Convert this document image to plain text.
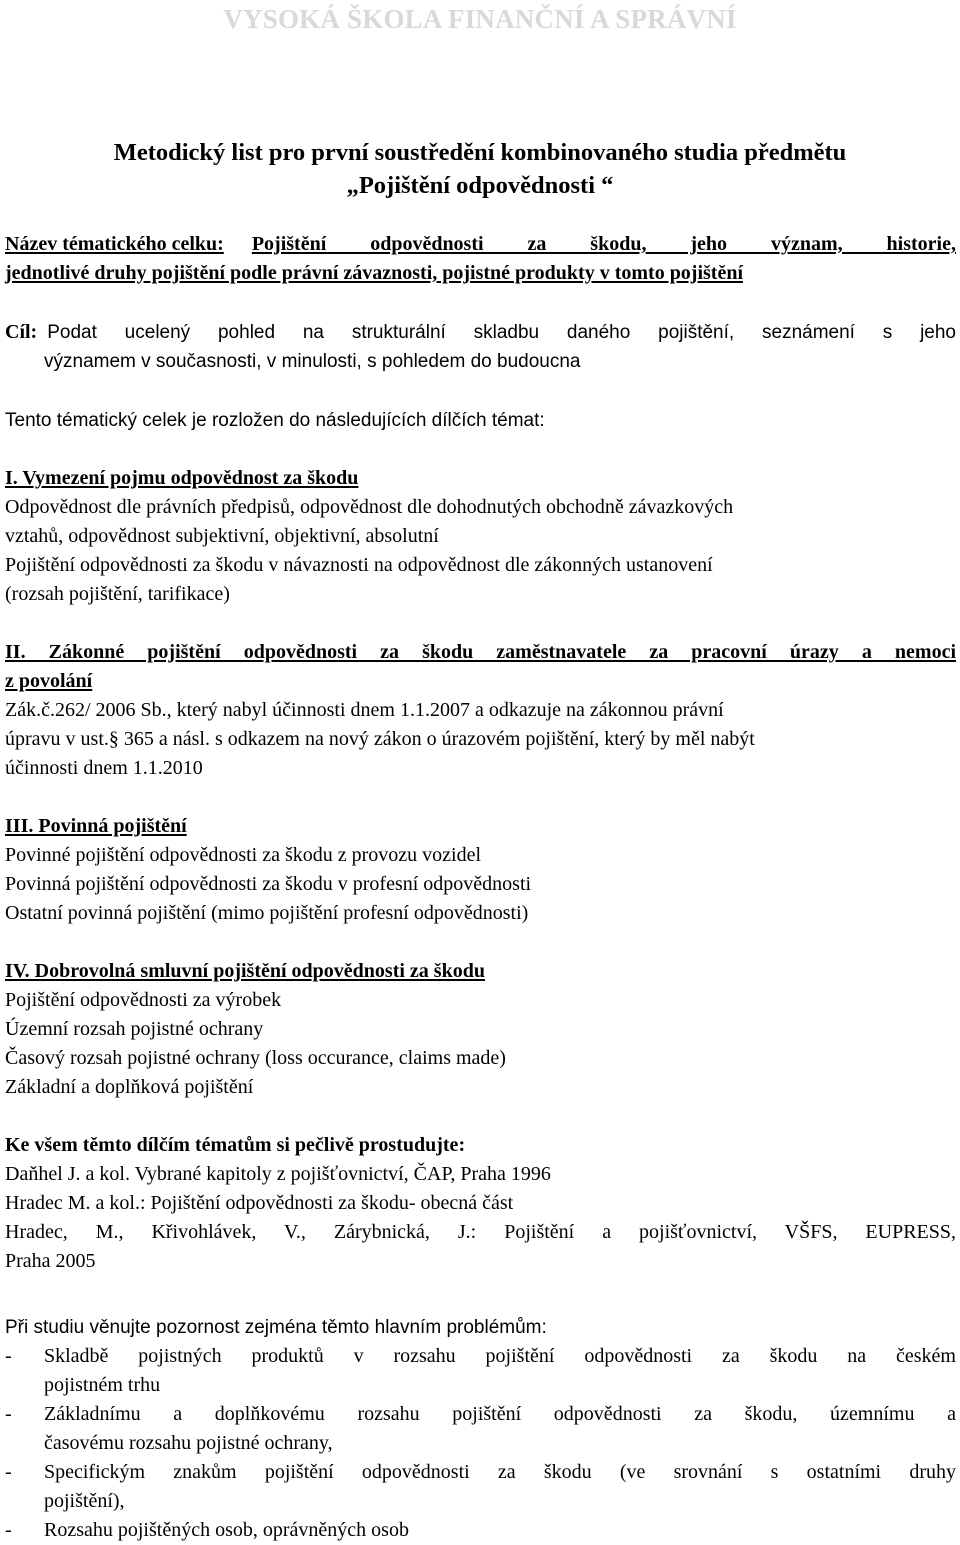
VYSOKÁ ŠKOLA FINANČNÍ A SPRÁVNÍ
Metodický list pro první soustředění kombinovaného studia předmětu
„Pojištění odpovědnosti “
Název tématického celku: Pojištění odpovědnosti za škodu, jeho význam, historie,
jednotlivé druhy pojištění podle právní závaznosti, pojistné produkty v tomto pojištění
Cíl: Podat ucelený pohled na strukturální skladbu daného pojištění, seznámení s jeho
významem v současnosti, v minulosti, s pohledem do budoucna
Tento tématický celek je rozložen do následujících dílčích témat:
I. Vymezení pojmu odpovědnost za škodu
Odpovědnost dle právních předpisů, odpovědnost dle dohodnutých obchodně závazkových
vztahů, odpovědnost subjektivní, objektivní, absolutní
Pojištění odpovědnosti za škodu v návaznosti na odpovědnost dle zákonných ustanovení
(rozsah pojištění, tarifikace)
II. Zákonné pojištění odpovědnosti za škodu zaměstnavatele za pracovní úrazy a nemoci
z povolání
Zák.č.262/ 2006 Sb., který nabyl účinnosti dnem 1.1.2007 a odkazuje na zákonnou právní
úpravu v ust.§ 365 a násl. s odkazem na nový zákon o úrazovém pojištění, který by měl nabýt
účinnosti dnem 1.1.2010
III. Povinná pojištění
Povinné pojištění odpovědnosti za škodu z provozu vozidel
Povinná pojištění odpovědnosti za škodu v profesní odpovědnosti
Ostatní povinná pojištění (mimo pojištění profesní odpovědnosti)
IV. Dobrovolná smluvní pojištění odpovědnosti za škodu
Pojištění odpovědnosti za výrobek
Územní rozsah pojistné ochrany
Časový rozsah pojistné ochrany (loss occurance, claims made)
Základní a doplňková pojištění
Ke všem těmto dílčím tématům si pečlivě prostudujte:
Daňhel J. a kol. Vybrané kapitoly z pojišťovnictví, ČAP, Praha 1996
Hradec M. a kol.: Pojištění odpovědnosti za škodu- obecná část
Hradec, M., Křivohlávek, V., Zárybnická, J.: Pojištění a pojišťovnictví, VŠFS, EUPRESS,
Praha 2005
Při studiu věnujte pozornost zejména těmto hlavním problémům:
- Skladbě pojistných produktů v rozsahu pojištění odpovědnosti za škodu na českém
pojistném trhu
- Základnímu a doplňkovému rozsahu pojištění odpovědnosti za škodu, územnímu a
časovému rozsahu pojistné ochrany,
- Specifickým znakům pojištění odpovědnosti za škodu (ve srovnání s ostatními druhy
pojištění),
- Rozsahu pojištěných osob, oprávněných osob
